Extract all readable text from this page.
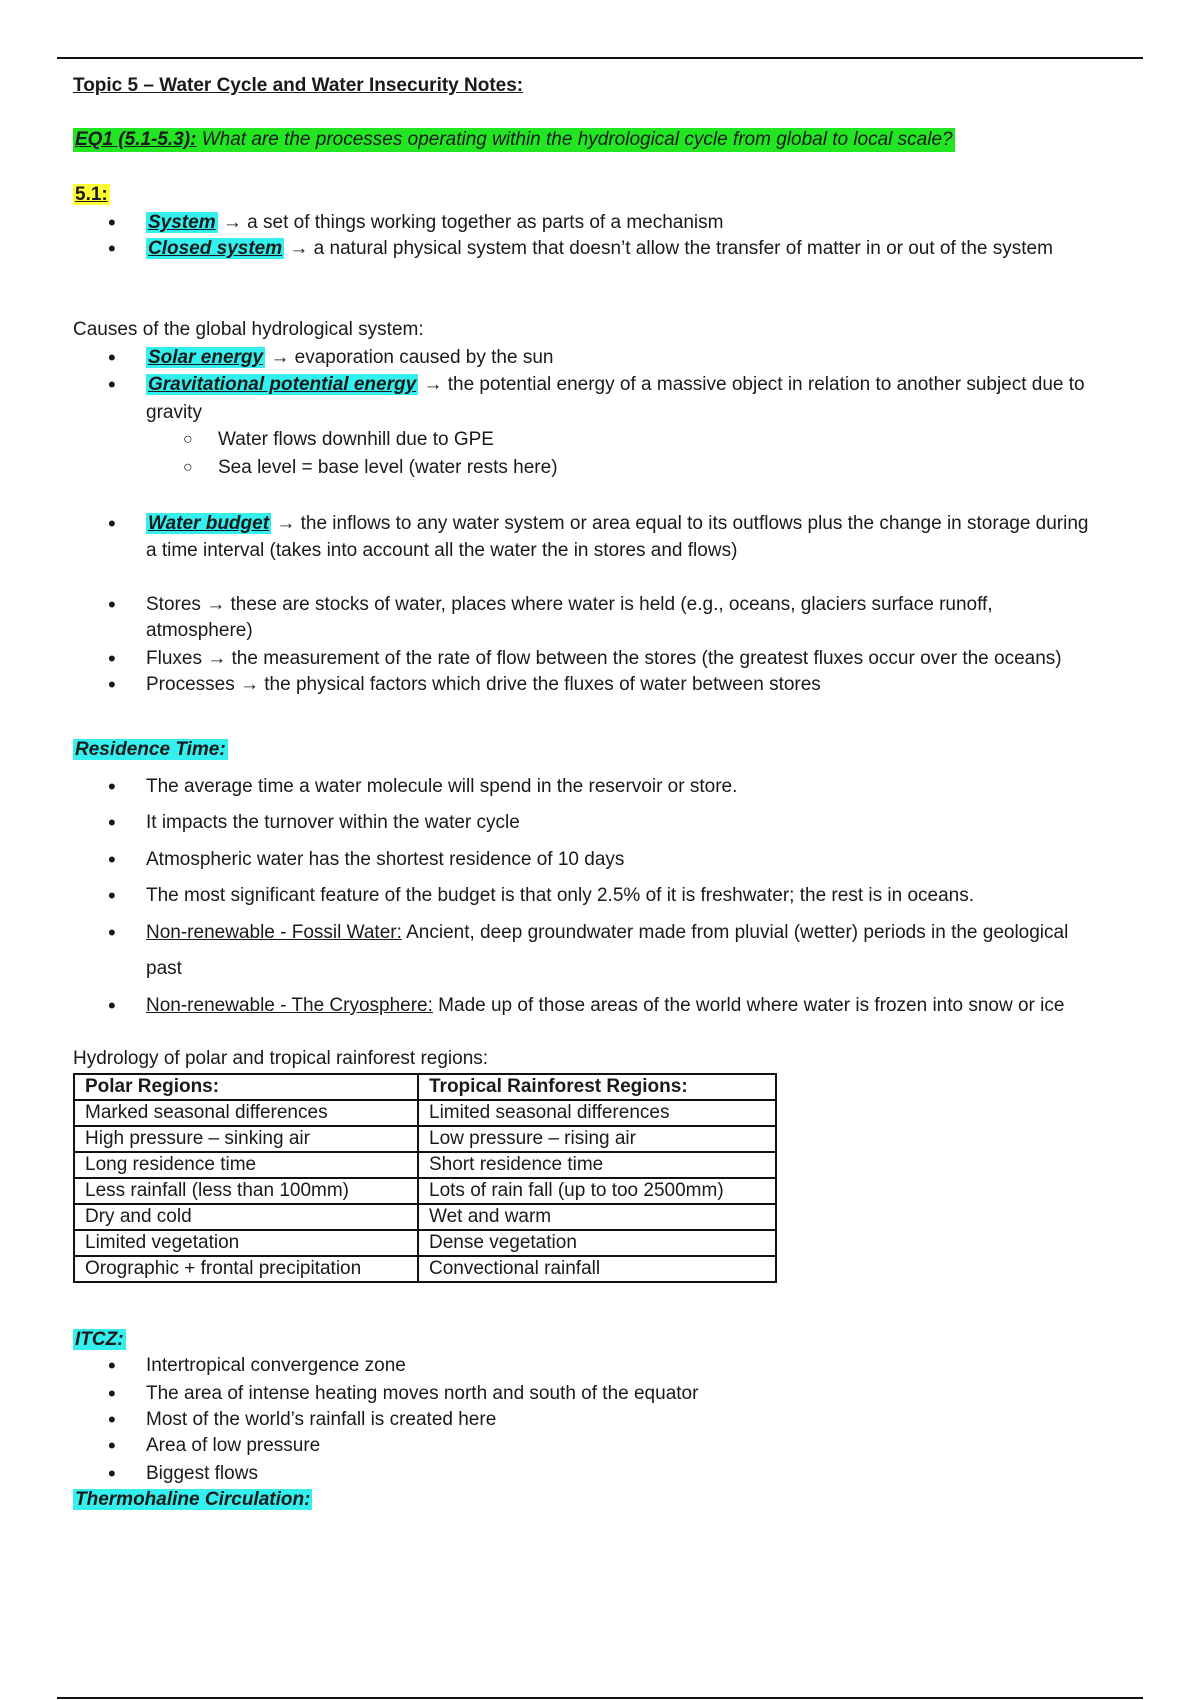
Topic 5 – Water Cycle and Water Insecurity Notes:
EQ1 (5.1-5.3): What are the processes operating within the hydrological cycle from global to local scale?
5.1:
• System → a set of things working together as parts of a mechanism
• Closed system → a natural physical system that doesn’t allow the transfer of matter in or out of the system
Causes of the global hydrological system:
• Solar energy → evaporation caused by the sun
• Gravitational potential energy → the potential energy of a massive object in relation to another subject due to
gravity
○ Water flows downhill due to GPE
○ Sea level = base level (water rests here)
• Water budget → the inflows to any water system or area equal to its outflows plus the change in storage during
a time interval (takes into account all the water the in stores and flows)
• Stores → these are stocks of water, places where water is held (e.g., oceans, glaciers surface runoff,
atmosphere)
• Fluxes → the measurement of the rate of flow between the stores (the greatest fluxes occur over the oceans)
• Processes → the physical factors which drive the fluxes of water between stores
Residence Time:
• The average time a water molecule will spend in the reservoir or store.
• It impacts the turnover within the water cycle
• Atmospheric water has the shortest residence of 10 days
• The most significant feature of the budget is that only 2.5% of it is freshwater; the rest is in oceans.
• Non-renewable - Fossil Water: Ancient, deep groundwater made from pluvial (wetter) periods in the geological
past
• Non-renewable - The Cryosphere: Made up of those areas of the world where water is frozen into snow or ice
Hydrology of polar and tropical rainforest regions:
Polar Regions:	Tropical Rainforest Regions:
Marked seasonal differences	Limited seasonal differences
High pressure – sinking air	Low pressure – rising air
Long residence time	Short residence time
Less rainfall (less than 100mm)	Lots of rain fall (up to too 2500mm)
Dry and cold	Wet and warm
Limited vegetation	Dense vegetation
Orographic + frontal precipitation	Convectional rainfall
ITCZ:
• Intertropical convergence zone
• The area of intense heating moves north and south of the equator
• Most of the world’s rainfall is created here
• Area of low pressure
• Biggest flows
Thermohaline Circulation:
